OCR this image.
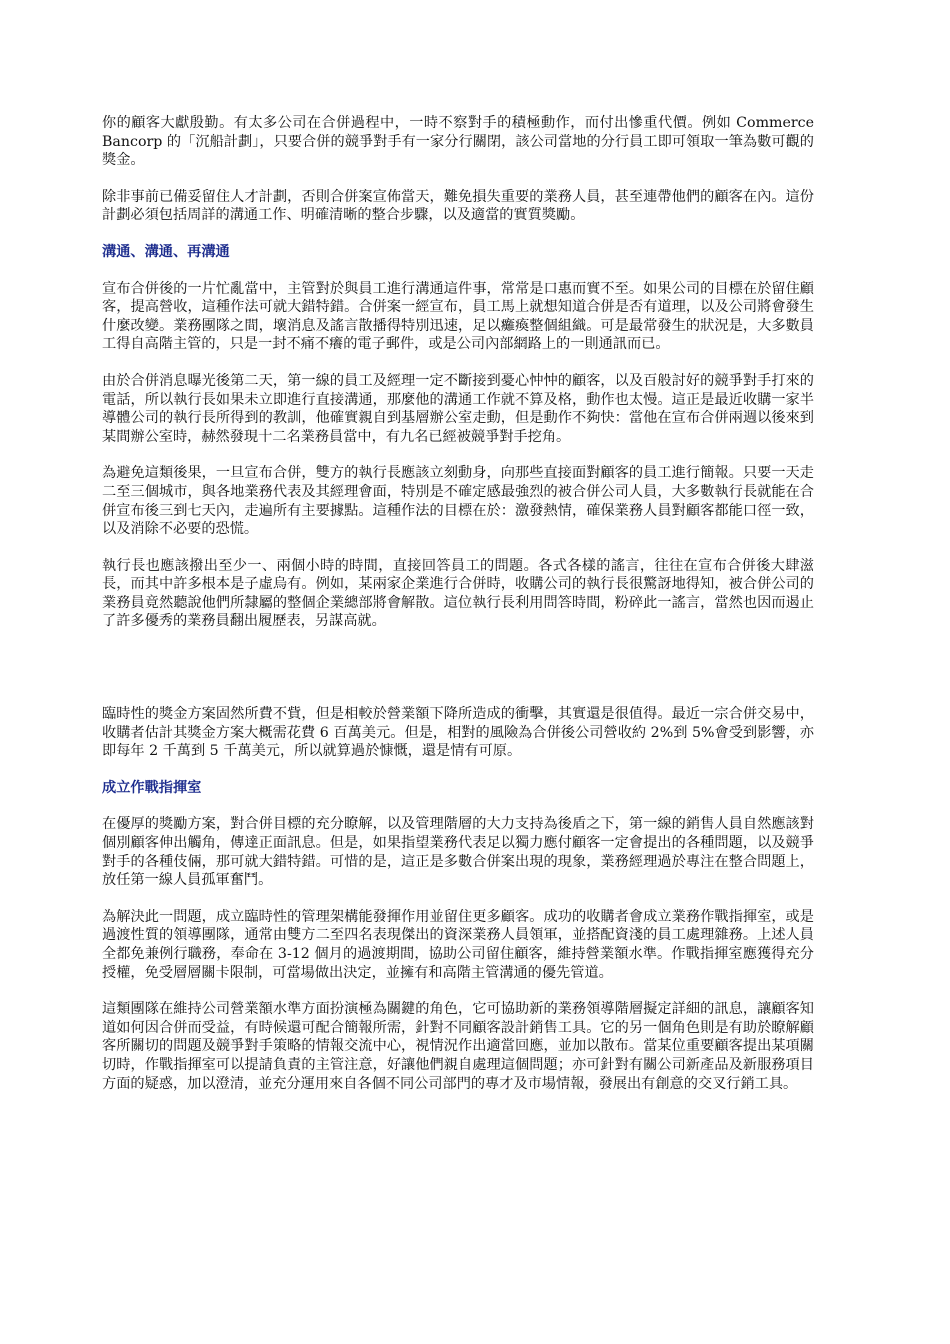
你的顧客大獻殷勤。有太多公司在合併過程中，一時不察對手的積極動作，而付出慘重代價。例如 Commerce Bancorp 的「沉船計劃」，只要合併的競爭對手有一家分行關閉，該公司當地的分行員工即可領取一筆為數可觀的獎金。

除非事前已備妥留住人才計劃，否則合併案宣佈當天，難免損失重要的業務人員，甚至連帶他們的顧客在內。這份計劃必須包括周詳的溝通工作、明確清晰的整合步驟，以及適當的實質獎勵。

溝通、溝通、再溝通

宣布合併後的一片忙亂當中，主管對於與員工進行溝通這件事，常常是口惠而實不至。如果公司的目標在於留住顧客，提高營收，這種作法可就大錯特錯。合併案一經宣布，員工馬上就想知道合併是否有道理，以及公司將會發生什麼改變。業務團隊之間，壞消息及謠言散播得特別迅速，足以癱瘓整個組織。可是最常發生的狀況是，大多數員工得自高階主管的，只是一封不痛不癢的電子郵件，或是公司內部網路上的一則通訊而已。

由於合併消息曝光後第二天，第一線的員工及經理一定不斷接到憂心忡忡的顧客，以及百般討好的競爭對手打來的電話，所以執行長如果未立即進行直接溝通，那麼他的溝通工作就不算及格，動作也太慢。這正是最近收購一家半導體公司的執行長所得到的教訓，他確實親自到基層辦公室走動，但是動作不夠快：當他在宣布合併兩週以後來到某間辦公室時，赫然發現十二名業務員當中，有九名已經被競爭對手挖角。

為避免這類後果，一旦宣布合併，雙方的執行長應該立刻動身，向那些直接面對顧客的員工進行簡報。只要一天走二至三個城市，與各地業務代表及其經理會面，特別是不確定感最強烈的被合併公司人員，大多數執行長就能在合併宣布後三到七天內，走遍所有主要據點。這種作法的目標在於：激發熱情，確保業務人員對顧客都能口徑一致，以及消除不必要的恐慌。

執行長也應該撥出至少一、兩個小時的時間，直接回答員工的問題。各式各樣的謠言，往往在宣布合併後大肆滋長，而其中許多根本是子虛烏有。例如，某兩家企業進行合併時，收購公司的執行長很驚訝地得知，被合併公司的業務員竟然聽說他們所隸屬的整個企業總部將會解散。這位執行長利用問答時間，粉碎此一謠言，當然也因而遏止了許多優秀的業務員翻出履歷表，另謀高就。

臨時性的獎金方案固然所費不貲，但是相較於營業額下降所造成的衝擊，其實還是很值得。最近一宗合併交易中，收購者估計其獎金方案大概需花費 6 百萬美元。但是，相對的風險為合併後公司營收約 2%到 5%會受到影響，亦即每年 2 千萬到 5 千萬美元，所以就算過於慷慨，還是情有可原。

成立作戰指揮室

在優厚的獎勵方案，對合併目標的充分瞭解，以及管理階層的大力支持為後盾之下，第一線的銷售人員自然應該對個別顧客伸出觸角，傳達正面訊息。但是，如果指望業務代表足以獨力應付顧客一定會提出的各種問題，以及競爭對手的各種伎倆，那可就大錯特錯。可惜的是，這正是多數合併案出現的現象，業務經理過於專注在整合問題上，放任第一線人員孤軍奮鬥。

為解決此一問題，成立臨時性的管理架構能發揮作用並留住更多顧客。成功的收購者會成立業務作戰指揮室，或是過渡性質的領導團隊，通常由雙方二至四名表現傑出的資深業務人員領軍，並搭配資淺的員工處理雜務。上述人員全都免兼例行職務，奉命在 3-12 個月的過渡期間，協助公司留住顧客，維持營業額水準。作戰指揮室應獲得充分授權，免受層層關卡限制，可當場做出決定，並擁有和高階主管溝通的優先管道。

這類團隊在維持公司營業額水準方面扮演極為關鍵的角色，它可協助新的業務領導階層擬定詳細的訊息，讓顧客知道如何因合併而受益，有時候還可配合簡報所需，針對不同顧客設計銷售工具。它的另一個角色則是有助於瞭解顧客所關切的問題及競爭對手策略的情報交流中心，視情況作出適當回應，並加以散布。當某位重要顧客提出某項關切時，作戰指揮室可以提請負責的主管注意，好讓他們親自處理這個問題；亦可針對有關公司新產品及新服務項目方面的疑惑，加以澄清，並充分運用來自各個不同公司部門的專才及市場情報，發展出有創意的交叉行銷工具。
